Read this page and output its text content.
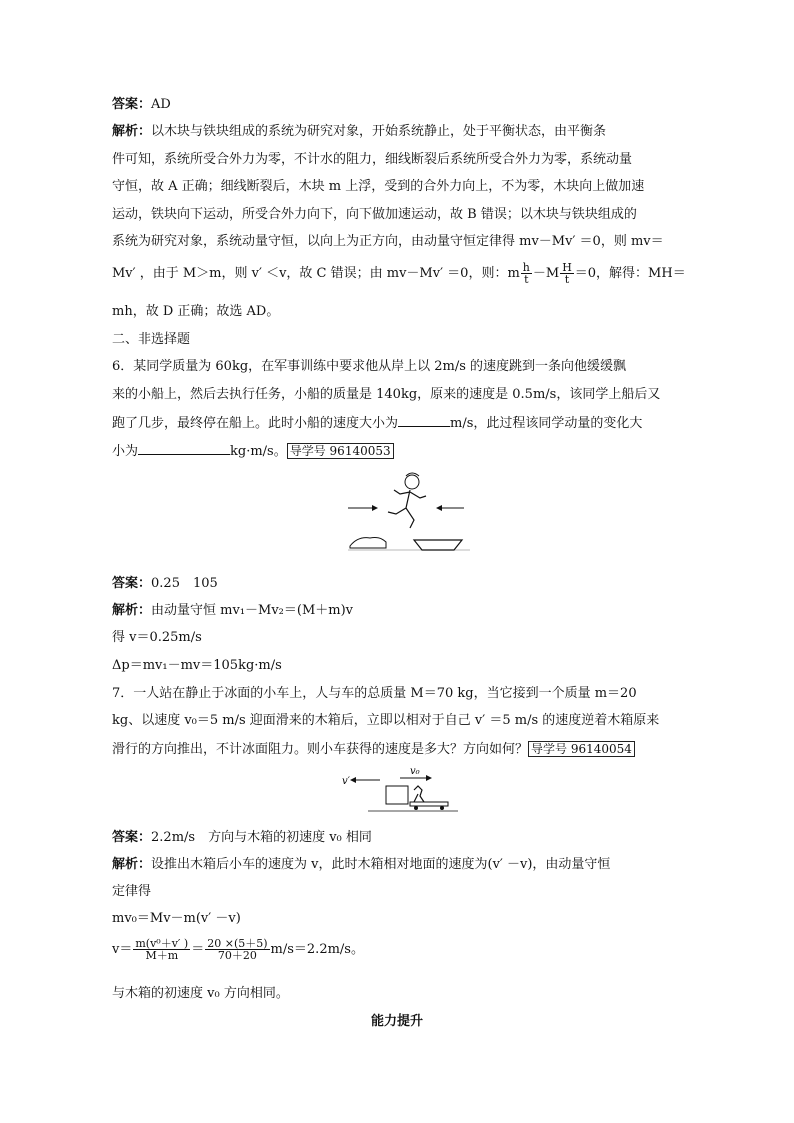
答案：AD
解析：以木块与铁块组成的系统为研究对象，开始系统静止，处于平衡状态，由平衡条
件可知，系统所受合外力为零，不计水的阻力，细线断裂后系统所受合外力为零，系统动量
守恒，故 A 正确；细线断裂后，木块 m 上浮，受到的合外力向上，不为零，木块向上做加速
运动，铁块向下运动，所受合外力向下，向下做加速运动，故 B 错误；以木块与铁块组成的
系统为研究对象，系统动量守恒，以向上为正方向，由动量守恒定律得 mv－Mv′ ＝0，则 mv＝
Mv′ ，由于 M＞m，则 v′ ＜v，故 C 错误；由 mv－Mv′ ＝0，则：m $\frac{h}{t} -M \frac{H}{t} =0$，解得：MH＝
mh，故 D 正确；故选 AD。
二、非选择题
6．某同学质量为 60kg，在军事训练中要求他从岸上以 2m/s 的速度跳到一条向他缓缓飘
来的小船上，然后去执行任务，小船的质量是 140kg，原来的速度是 0.5m/s，该同学上船后又
跑了几步，最终停在船上。此时小船的速度大小为	m/s，此过程该同学动量的变化大
小为	kg·m/s。 导学号 96140053
答案：0.25　105
解析：由动量守恒 mv₁－Mv₂＝(M＋m)v
得 v＝0.25m/s
Δp＝mv₁－mv＝105kg·m/s
7．一人站在静止于冰面的小车上，人与车的总质量 M＝70 kg，当它接到一个质量 m＝20
kg、以速度 v₀＝5 m/s 迎面滑来的木箱后，立即以相对于自己 v′ ＝5 m/s 的速度逆着木箱原来
滑行的方向推出，不计冰面阻力。则小车获得的速度是多大？方向如何？ 导学号 96140054
v′
v₀
答案：2.2m/s　方向与木箱的初速度 v₀ 相同
解析：设推出木箱后小车的速度为 v，此时木箱相对地面的速度为(v′ －v)，由动量守恒
定律得
mv₀＝Mv－m(v′ －v)
$v= \frac{\text{m(v⁰＋v′ )}}{M+m} = \frac{20 \times(5+5)}{70+20} m/s=2.2m/s$。
与木箱的初速度 v₀ 方向相同。
能力提升
